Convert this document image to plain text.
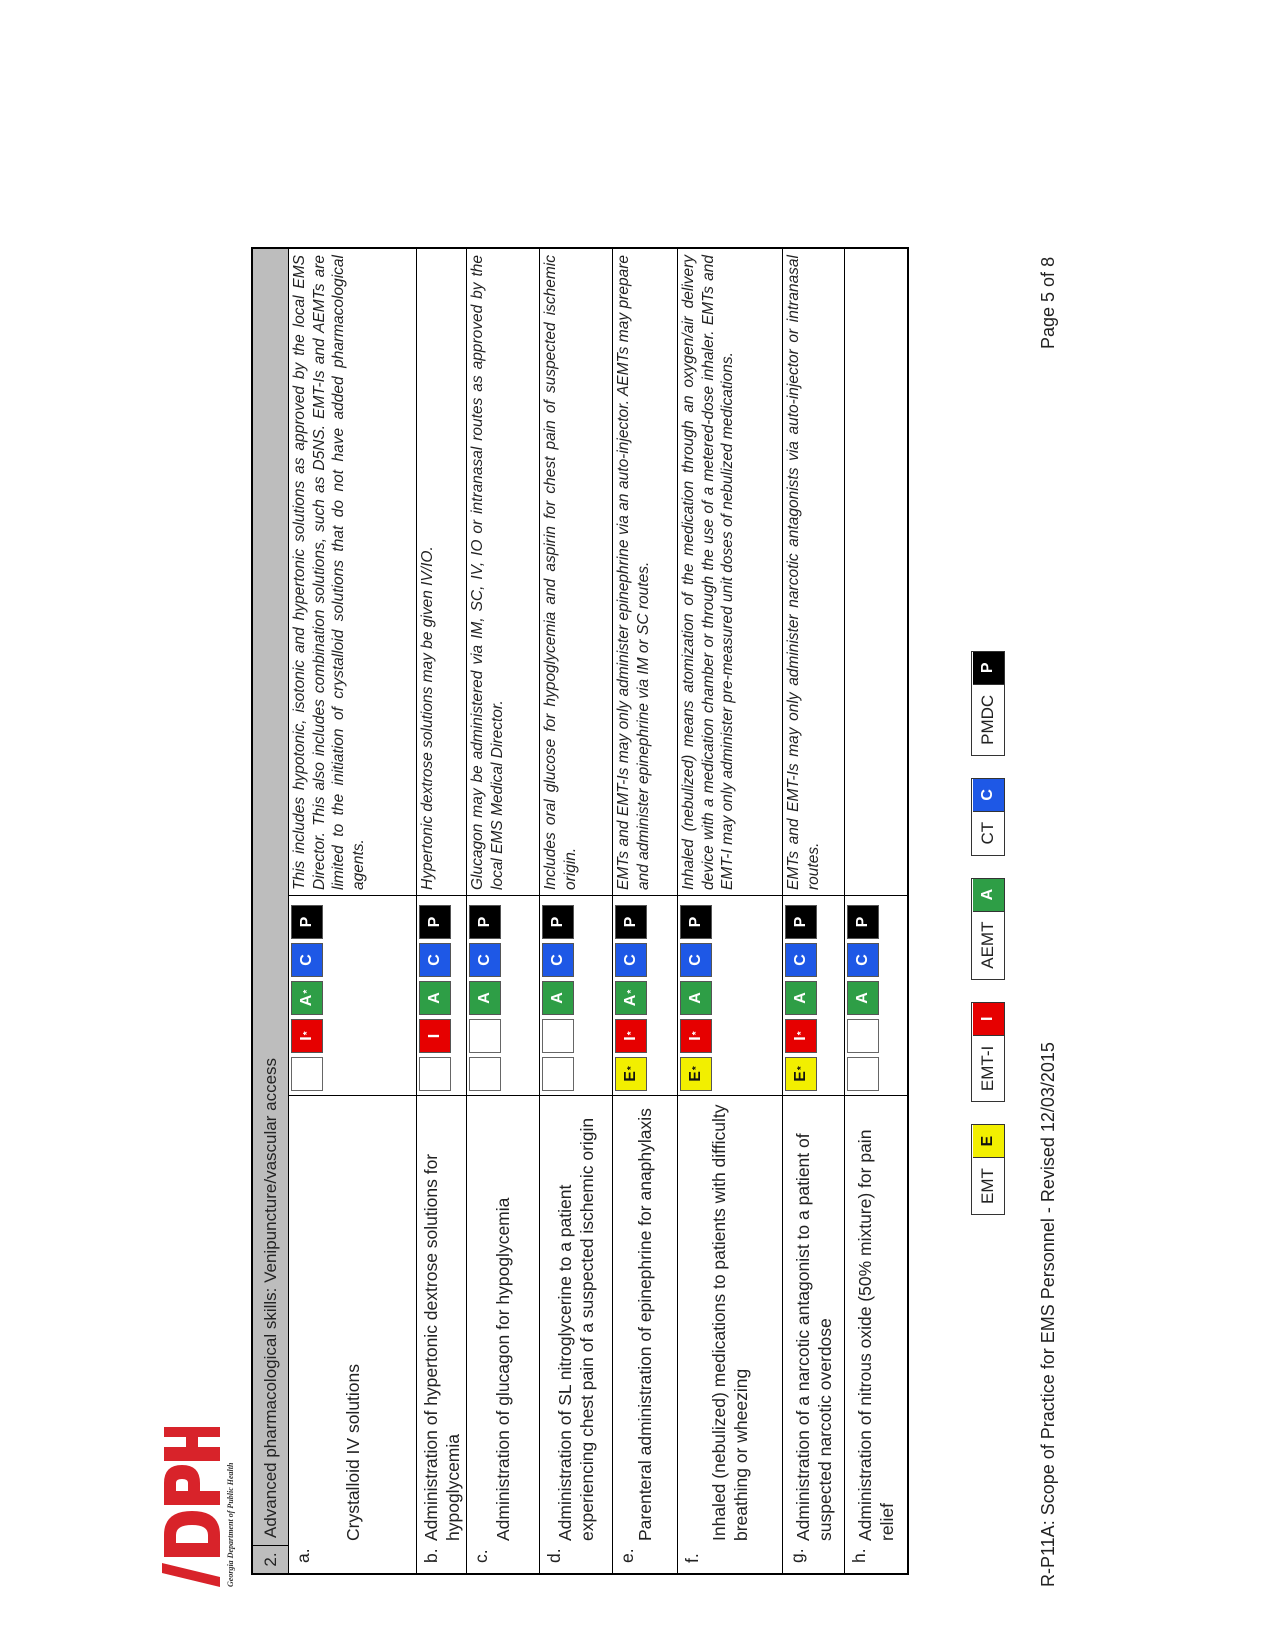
Georgia Department of Public Health	2.
Advanced pharmacological skills: Venipuncture/vascular access
a.
Crystalloid IV solutions
I
*
A
*
C
P
This includes hypotonic, isotonic and hypertonic solutions as approved by the local EMS Director. This also includes combination solutions, such as D5NS. EMT-Is and AEMTs are limited to the initiation of crystalloid solutions that do not have added pharmacological agents.
b.
Administration of hypertonic dextrose solutions for hypoglycemia
I
A
C
P
Hypertonic dextrose solutions may be given IV/IO.
c.
Administration of glucagon for hypoglycemia
A
C
P
Glucagon may be administered via IM, SC, IV, IO or intranasal routes as approved by the local EMS Medical Director.
d.
Administration of SL nitroglycerine to a patient experiencing chest pain of a suspected ischemic origin
A
C
P
Includes oral glucose for hypoglycemia and aspirin for chest pain of suspected ischemic origin.
e.
Parenteral administration of epinephrine for anaphylaxis
E
*
I
*
A
*
C
P
EMTs and EMT-Is may only administer epinephrine via an auto-injector. AEMTs may prepare and administer epinephrine via IM or SC routes.
f.
Inhaled (nebulized) medications to patients with difficulty breathing or wheezing
E
*
I
*
A
C
P
Inhaled (nebulized) means atomization of the medication through an oxygen/air delivery device with a medication chamber or through the use of a metered-dose inhaler. EMTs and EMT-I may only administer pre-measured unit doses of nebulized medications.
g.
Administration of a narcotic antagonist to a patient of suspected narcotic overdose
E
*
I
*
A
C
P
EMTs and EMT-Is may only administer narcotic antagonists via auto-injector or intranasal routes.
h.
Administration of nitrous oxide (50% mixture) for pain relief
A
C
P
EMT
E
EMT-I
I
AEMT
A
CT
C
PMDC
P
R-P11A: Scope of Practice for EMS Personnel - Revised 12/03/2015
Page 5 of 8
